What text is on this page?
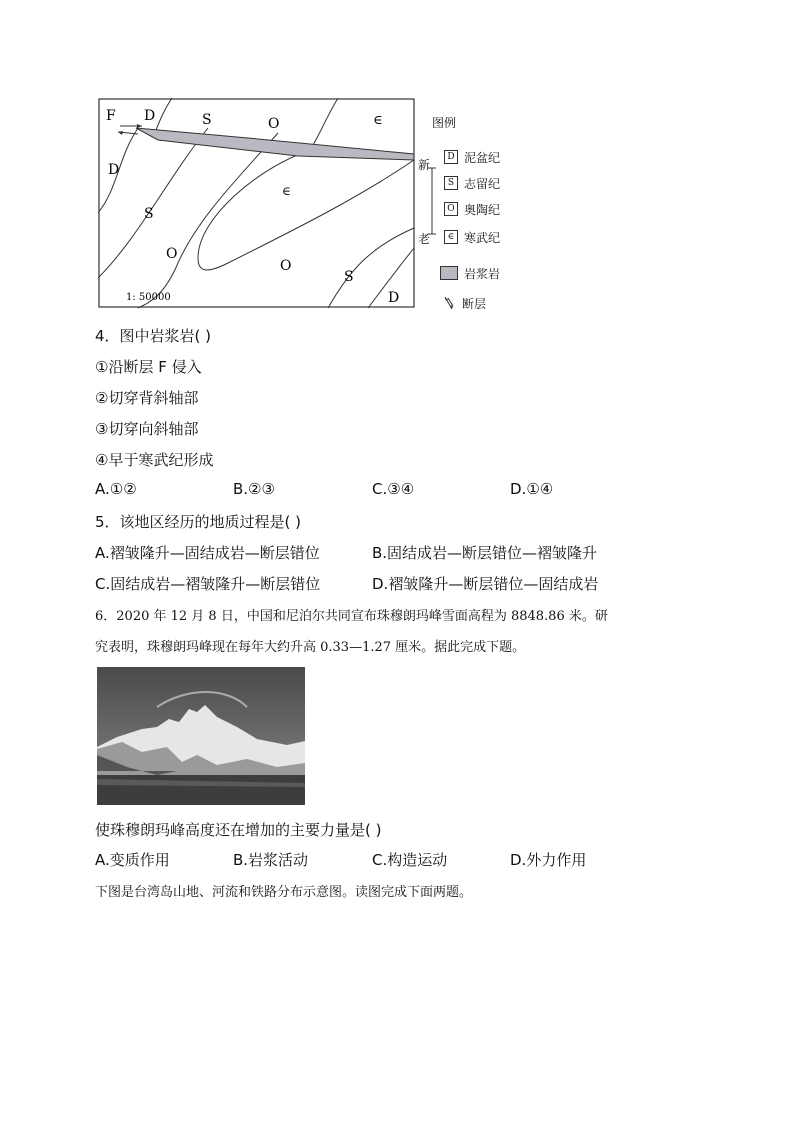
F D	S	O	∈
D
S
∈
O
O
S
D
1: 50000
图例
新
老
D 泥盆纪
S 志留纪
O 奥陶纪
∈ 寒武纪
岩浆岩
断层
4．图中岩浆岩( )
①沿断层 F 侵入
②切穿背斜轴部
③切穿向斜轴部
④早于寒武纪形成
A.①②	B.②③	C.③④	D.①④
5．该地区经历的地质过程是( )
A.褶皱隆升—固结成岩—断层错位	B.固结成岩—断层错位—褶皱隆升
C.固结成岩—褶皱隆升—断层错位	D.褶皱隆升—断层错位—固结成岩
6．2020 年 12 月 8 日，中国和尼泊尔共同宣布珠穆朗玛峰雪面高程为 8848.86 米。研
究表明，珠穆朗玛峰现在每年大约升高 0.33—1.27 厘米。据此完成下题。
使珠穆朗玛峰高度还在增加的主要力量是( )
A.变质作用	B.岩浆活动	C.构造运动	D.外力作用
下图是台湾岛山地、河流和铁路分布示意图。读图完成下面两题。
